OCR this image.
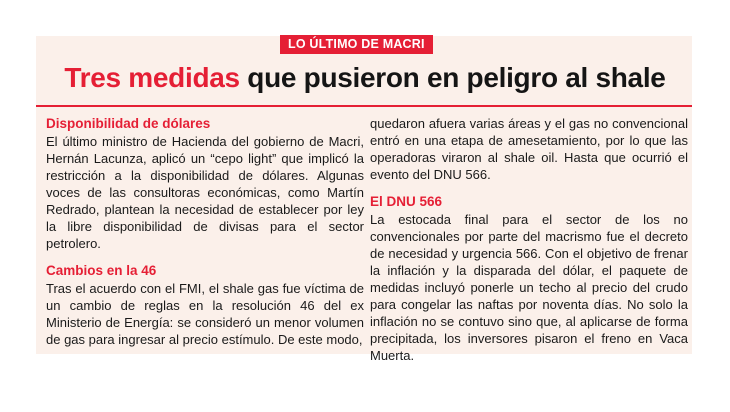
LO ÚLTIMO DE MACRI
Tres medidas que pusieron en peligro al shale
Disponibilidad de dólares

El último ministro de Hacienda del gobierno de Macri, Hernán Lacunza, aplicó un “cepo light” que implicó la restricción a la disponibilidad de dólares. Algunas voces de las consultoras económicas, como Martín Redrado, plantean la necesidad de establecer por ley la libre disponibilidad de divisas para el sector petrolero.

Cambios en la 46

Tras el acuerdo con el FMI, el shale gas fue víctima de un cambio de reglas en la resolución 46 del ex Ministerio de Energía: se consideró un menor volumen de gas para ingresar al precio estímulo. De este modo,

quedaron afuera varias áreas y el gas no convencional entró en una etapa de amesetamiento, por lo que las operadoras viraron al shale oil. Hasta que ocurrió el evento del DNU 566.

El DNU 566

La estocada final para el sector de los no convencionales por parte del macrismo fue el decreto de necesidad y urgencia 566. Con el objetivo de frenar la inflación y la disparada del dólar, el paquete de medidas incluyó ponerle un techo al precio del crudo para congelar las naftas por noventa días. No solo la inflación no se contuvo sino que, al aplicarse de forma precipitada, los inversores pisaron el freno en Vaca Muerta.
